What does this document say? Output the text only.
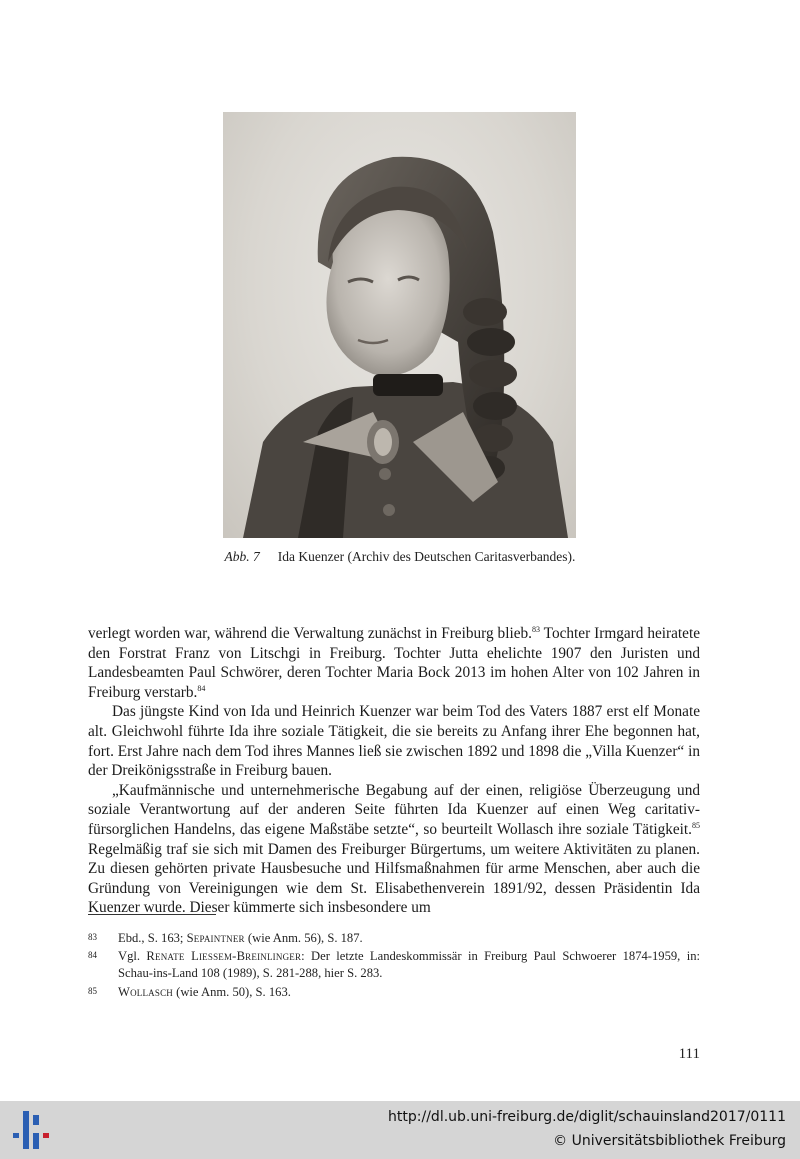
Abb. 7 Ida Kuenzer (Archiv des Deutschen Caritasverbandes).

verlegt worden war, während die Verwaltung zunächst in Freiburg blieb.$^{83}$ Tochter Irmgard heiratete den Forstrat Franz von Litschgi in Freiburg. Tochter Jutta ehelichte 1907 den Juristen und Landesbeamten Paul Schwörer, deren Tochter Maria Bock 2013 im hohen Alter von 102 Jahren in Freiburg verstarb.$^{84}$

Das jüngste Kind von Ida und Heinrich Kuenzer war beim Tod des Vaters 1887 erst elf Monate alt. Gleichwohl führte Ida ihre soziale Tätigkeit, die sie bereits zu Anfang ihrer Ehe begonnen hat, fort. Erst Jahre nach dem Tod ihres Mannes ließ sie zwischen 1892 und 1898 die „Villa Kuenzer“ in der Dreikönigsstraße in Freiburg bauen.

„Kaufmännische und unternehmerische Begabung auf der einen, religiöse Überzeugung und soziale Verantwortung auf der anderen Seite führten Ida Kuenzer auf einen Weg caritativ-fürsorglichen Handelns, das eigene Maßstäbe setzte“, so beurteilt Wollasch ihre soziale Tätigkeit.$^{85}$ Regelmäßig traf sie sich mit Damen des Freiburger Bürgertums, um weitere Aktivitäten zu planen. Zu diesen gehörten private Hausbesuche und Hilfsmaßnahmen für arme Menschen, aber auch die Gründung von Vereinigungen wie dem St. Elisabethenverein 1891/92, dessen Präsidentin Ida Kuenzer wurde. Dieser kümmerte sich insbesondere um

83 Ebd., S. 163; Sepaintner (wie Anm. 56), S. 187.
84 Vgl. Renate Liessem-Breinlinger: Der letzte Landeskommissär in Freiburg Paul Schwoerer 1874-1959, in: Schau-ins-Land 108 (1989), S. 281-288, hier S. 283.
85 Wollasch (wie Anm. 50), S. 163.
111
http://dl.ub.uni-freiburg.de/diglit/schauinsland2017/0111
© Universitätsbibliothek Freiburg
